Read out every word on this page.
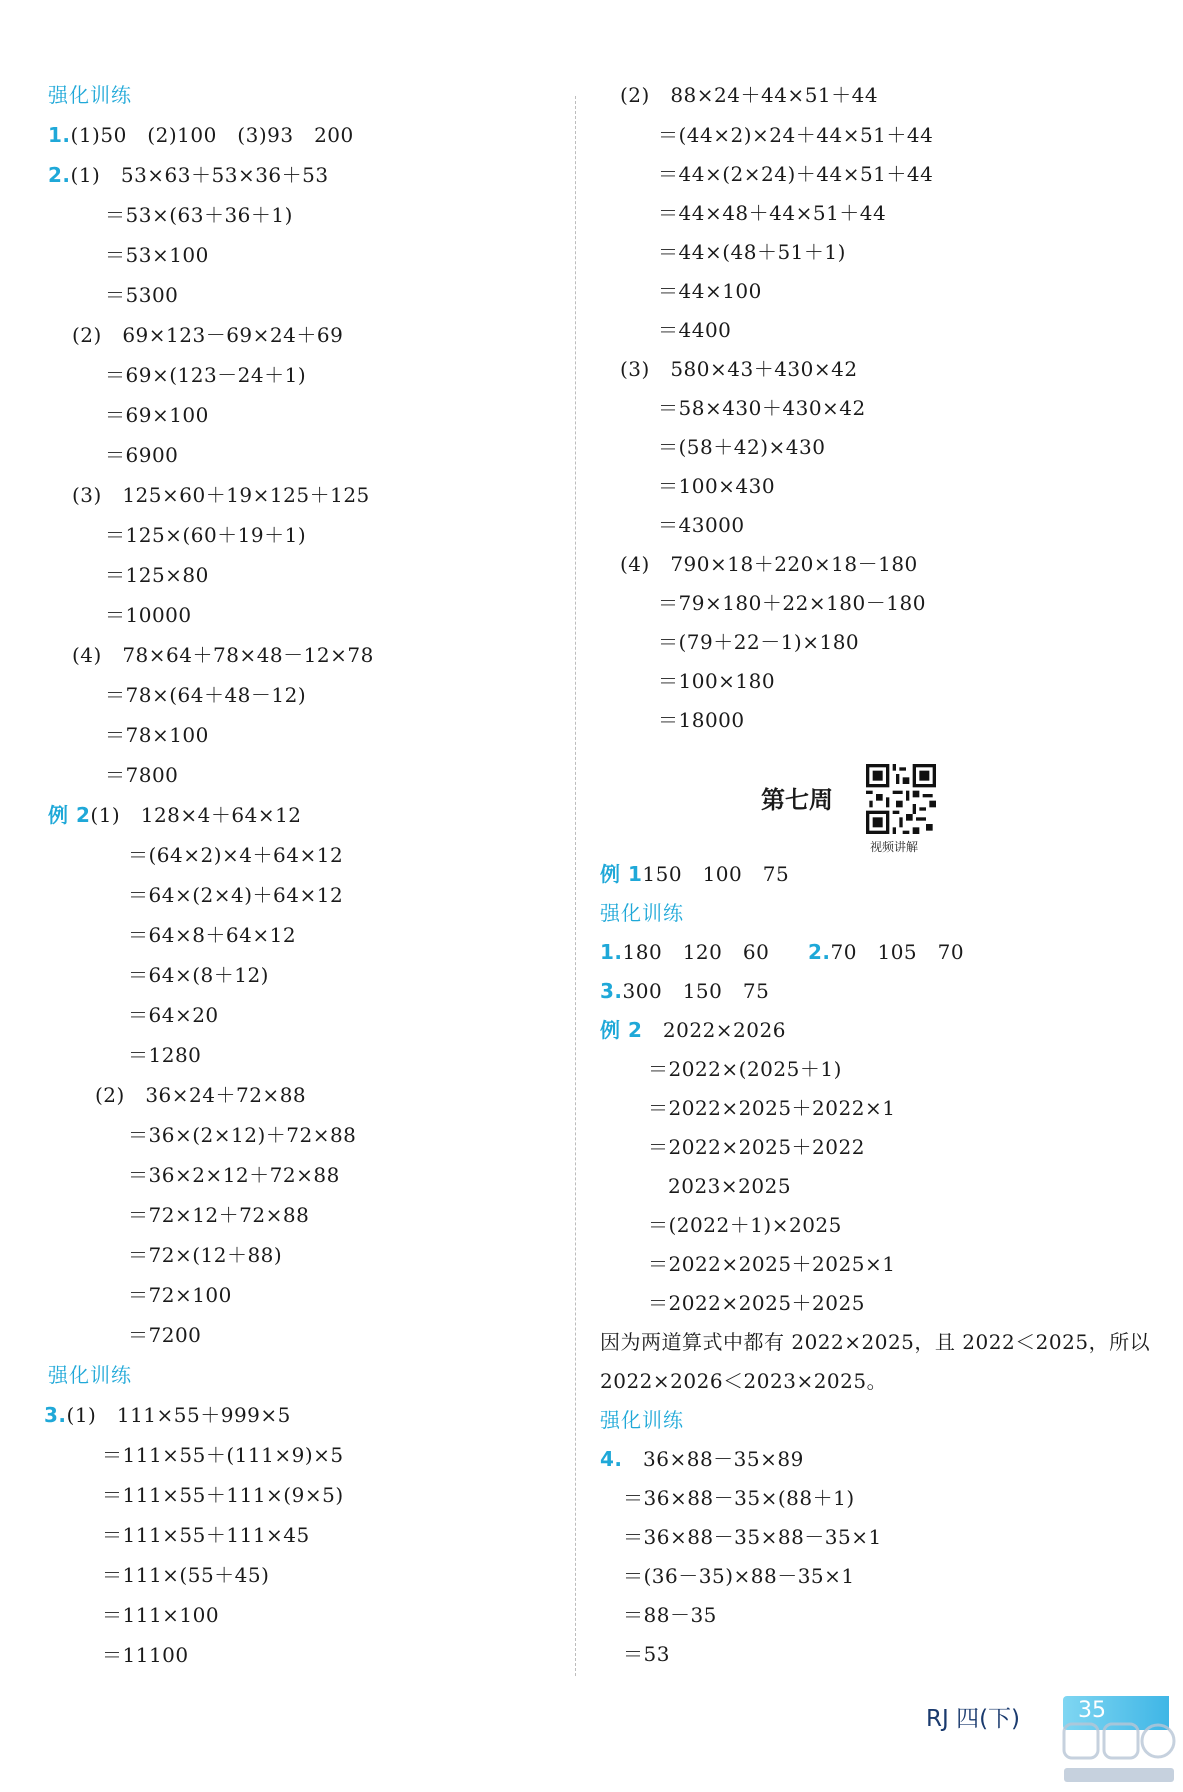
强化训练
1.(1)50　(2)100　(3)93　200
2.(1)　53×63＋53×36＋53
＝53×(63＋36＋1)
＝53×100
＝5300
(2)　69×123－69×24＋69
＝69×(123－24＋1)
＝69×100
＝6900
(3)　125×60＋19×125＋125
＝125×(60＋19＋1)
＝125×80
＝10000
(4)　78×64＋78×48－12×78
＝78×(64＋48－12)
＝78×100
＝7800
例 2(1)　128×4＋64×12
＝(64×2)×4＋64×12
＝64×(2×4)＋64×12
＝64×8＋64×12
＝64×(8＋12)
＝64×20
＝1280
(2)　36×24＋72×88
＝36×(2×12)＋72×88
＝36×2×12＋72×88
＝72×12＋72×88
＝72×(12＋88)
＝72×100
＝7200
强化训练
3.(1)　111×55＋999×5
＝111×55＋(111×9)×5
＝111×55＋111×(9×5)
＝111×55＋111×45
＝111×(55＋45)
＝111×100
＝11100
(2)　88×24＋44×51＋44
＝(44×2)×24＋44×51＋44
＝44×(2×24)＋44×51＋44
＝44×48＋44×51＋44
＝44×(48＋51＋1)
＝44×100
＝4400
(3)　580×43＋430×42
＝58×430＋430×42
＝(58＋42)×430
＝100×430
＝43000
(4)　790×18＋220×18－180
＝79×180＋22×180－180
＝(79＋22－1)×180
＝100×180
＝18000
例 1150　100　75
强化训练
1.180　120　60 2.70　105　70
3.300　150　75
例 2　2022×2026
＝2022×(2025＋1)
＝2022×2025＋2022×1
＝2022×2025＋2022
2023×2025
＝(2022＋1)×2025
＝2022×2025＋2025×1
＝2022×2025＋2025
因为两道算式中都有 2022×2025，且 2022＜2025，所以
2022×2026＜2023×2025。
强化训练
4.　36×88－35×89
＝36×88－35×(88＋1)
＝36×88－35×88－35×1
＝(36－35)×88－35×1
＝88－35
＝53
第七周
视频讲解
RJ 四(下)	35
